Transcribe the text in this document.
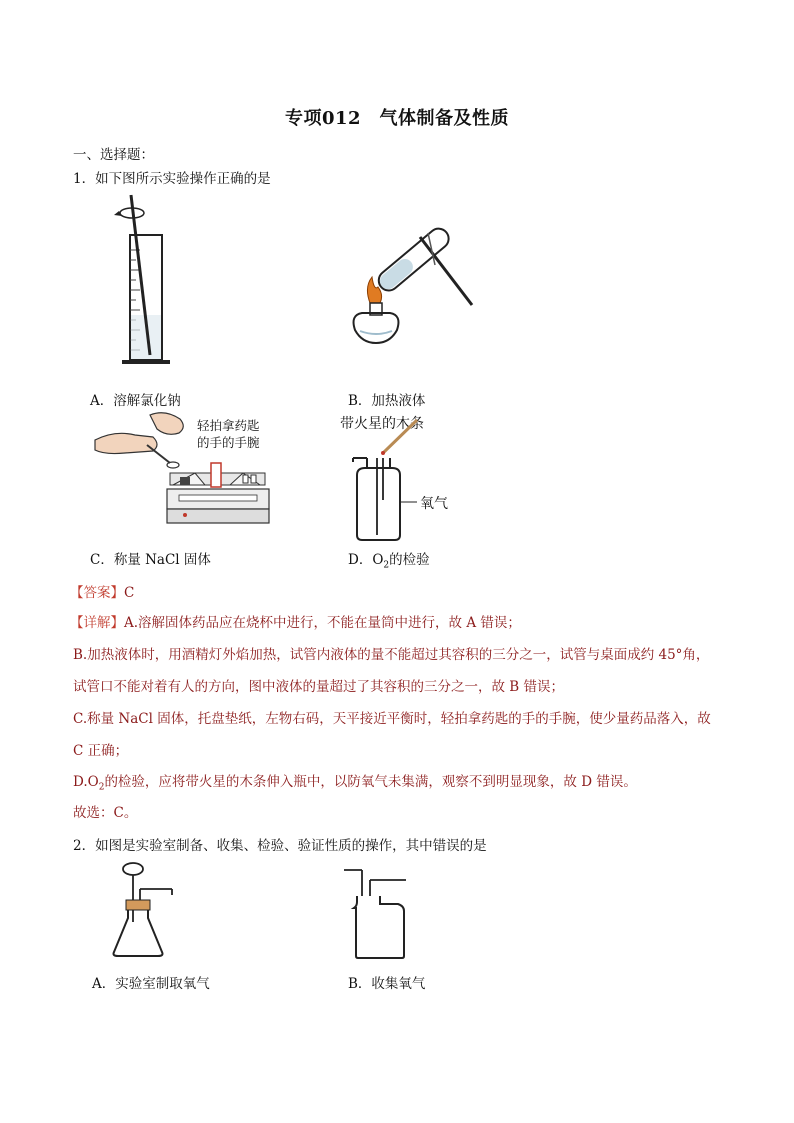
专项012　气体制备及性质
一、选择题：
1．如下图所示实验操作正确的是
A．溶解氯化钠	B．加热液体
轻拍拿药匙
的手的手腕
C．称量 NaCl 固体
带火星的木条
氧气
D．$O_2$的检验
【答案】C
【详解】A.溶解固体药品应在烧杯中进行，不能在量筒中进行，故 A 错误；
B.加热液体时，用酒精灯外焰加热，试管内液体的量不能超过其容积的三分之一，试管与桌面成约 45°角，
试管口不能对着有人的方向，图中液体的量超过了其容积的三分之一，故 B 错误；
C.称量 NaCl 固体，托盘垫纸，左物右码，天平接近平衡时，轻拍拿药匙的手的手腕，使少量药品落入，故
C 正确；
$D.O_2$的检验，应将带火星的木条伸入瓶中，以防氧气未集满，观察不到明显现象，故 D 错误。
故选：C。
2．如图是实验室制备、收集、检验、验证性质的操作，其中错误的是
A．实验室制取氧气	B．收集氧气
